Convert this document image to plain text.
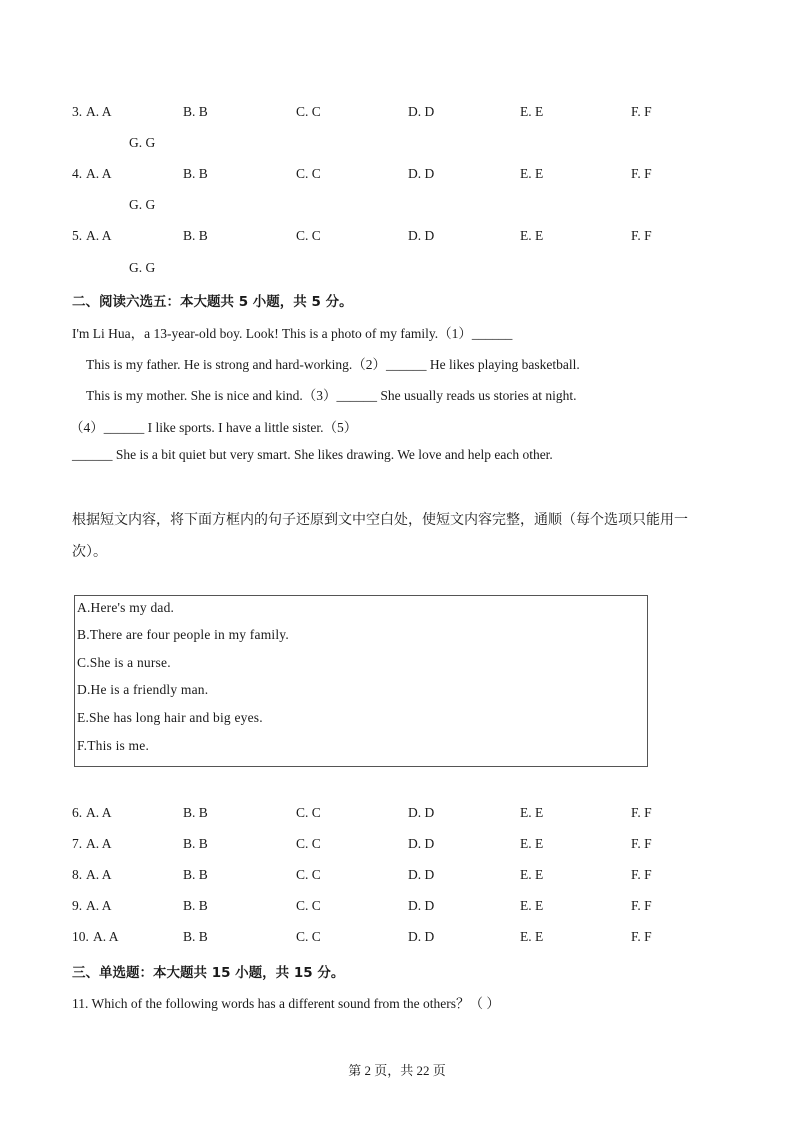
3. A. A	B. B	C. C	D. D	E. E	F. F
G. G
4. A. A	B. B	C. C	D. D	E. E	F. F
G. G
5. A. A	B. B	C. C	D. D	E. E	F. F
G. G
二、阅读六选五：本大题共 5 小题，共 5 分。
I'm Li Hua，a 13-year-old boy. Look! This is a photo of my family.（1）______
This is my father. He is strong and hard-working.（2）______ He likes playing basketball.
This is my mother. She is nice and kind.（3）______ She usually reads us stories at night.
（4）______ I like sports. I have a little sister.（5）
______ She is a bit quiet but very smart. She likes drawing. We love and help each other.
根据短文内容，将下面方框内的句子还原到文中空白处，使短文内容完整，通顺（每个选项只能用一
次）。
A.Here's my dad.
B.There are four people in my family.
C.She is a nurse.
D.He is a friendly man.
E.She has long hair and big eyes.
F.This is me.
6. A. A	B. B	C. C	D. D	E. E	F. F
7. A. A	B. B	C. C	D. D	E. E	F. F
8. A. A	B. B	C. C	D. D	E. E	F. F
9. A. A	B. B	C. C	D. D	E. E	F. F
10. A. A	B. B	C. C	D. D	E. E	F. F
三、单选题：本大题共 15 小题，共 15 分。
11. Which of the following words has a different sound from the others？（ ）
第 2 页，共 22 页
